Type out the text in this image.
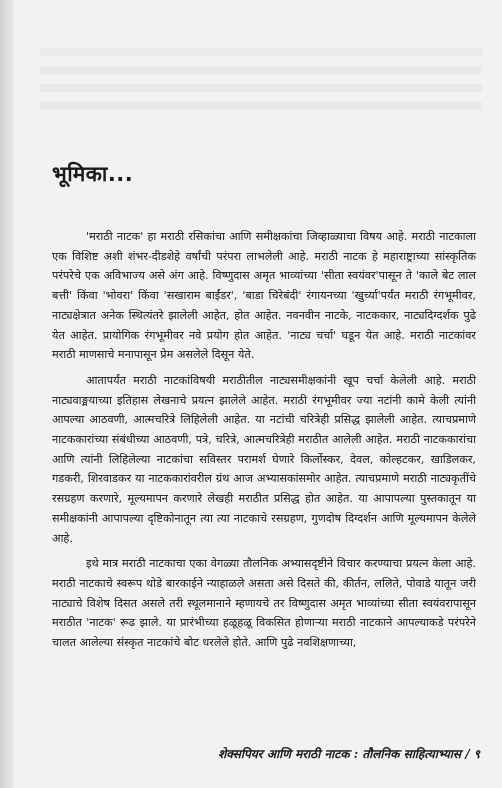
भूमिका...

'मराठी नाटक' हा मराठी रसिकांचा आणि समीक्षकांचा जिव्हाळ्याचा विषय आहे. मराठी नाटकाला एक विशिष्ट अशी शंभर-दीडशेहे वर्षांची परंपरा लाभलेली आहे. मराठी नाटक हे महाराष्ट्राच्या सांस्कृतिक परंपरेचे एक अविभाज्य असे अंग आहे. विष्णुदास अमृत भाव्यांच्या 'सीता स्वयंवर'पासून ते 'काले बेट लाल बत्ती' किंवा 'भोवरा' किंवा 'सखाराम बाईंडर', 'बाडा चिरेबंदी' रंगायनच्या 'खुर्च्या'पर्यंत मराठी रंगभूमीवर, नाट्यक्षेत्रात अनेक स्थित्यंतरे झालेली आहेत, होत आहेत. नवनवीन नाटके, नाटककार, नाट्यदिग्दर्शक पुढे येत आहेत. प्रायोगिक रंगभूमीवर नवे प्रयोग होत आहेत. 'नाट्य चर्चा' घडून येत आहे. मराठी नाटकांवर मराठी माणसाचे मनापासून प्रेम असलेले दिसून येते.

आतापर्यंत मराठी नाटकांविषयी मराठीतील नाट्यसमीक्षकांनी खूप चर्चा केलेली आहे. मराठी नाट्यवाङ्मयाच्या इतिहास लेखनाचे प्रयत्न झालेले आहेत. मराठी रंगभूमीवर ज्या नटांनी कामे केली त्यांनी आपल्या आठवणी, आत्मचरित्रे लिहिलेली आहेत. या नटांची चरित्रेही प्रसिद्ध झालेली आहेत. त्याचप्रमाणे नाटककारांच्या संबंधीच्या आठवणी, पत्रे, चरित्रे, आत्मचरित्रेही मराठीत आलेली आहेत. मराठी नाटककारांचा आणि त्यांनी लिहिलेल्या नाटकांचा सविस्तर परामर्श घेणारे किर्लोस्कर, देवल, कोल्हटकर, खाडिलकर, गडकरी, शिरवाडकर या नाटककारांवरील ग्रंथ आज अभ्यासकांसमोर आहेत. त्याचप्रमाणे मराठी नाट्यकृतींचे रसग्रहण करणारे, मूल्यमापन करणारे लेखही मराठीत प्रसिद्ध होत आहेत. या आपापल्या पुस्तकातून या समीक्षकांनी आपापल्या दृष्टिकोनातून त्या त्या नाटकाचे रसग्रहण, गुणदोष दिग्दर्शन आणि मूल्यमापन केलेले आहे.

इथे मात्र मराठी नाटकाचा एका वेगळ्या तौलनिक अभ्यासदृष्टीने विचार करण्याचा प्रयत्न केला आहे. मराठी नाटकाचे स्वरूप थोडे बारकाईने न्याहाळले असता असे दिसते की, कीर्तन, ललिते, पोवाडे यातून जरी नाट्याचे विशेष दिसत असले तरी स्थूलमानाने म्हणायचे तर विष्णुदास अमृत भाव्यांच्या सीता स्वयंवरापासून मराठीत 'नाटक' रूढ झाले. या प्रारंभीच्या हळूहळू विकसित होणाऱ्या मराठी नाटकाने आपल्याकडे परंपरेने चालत आलेल्या संस्कृत नाटकांचे बोट धरलेले होते. आणि पुढे नवशिक्षणाच्या,

शेक्सपियर आणि मराठी नाटक : तौलनिक साहित्याभ्यास / ९
